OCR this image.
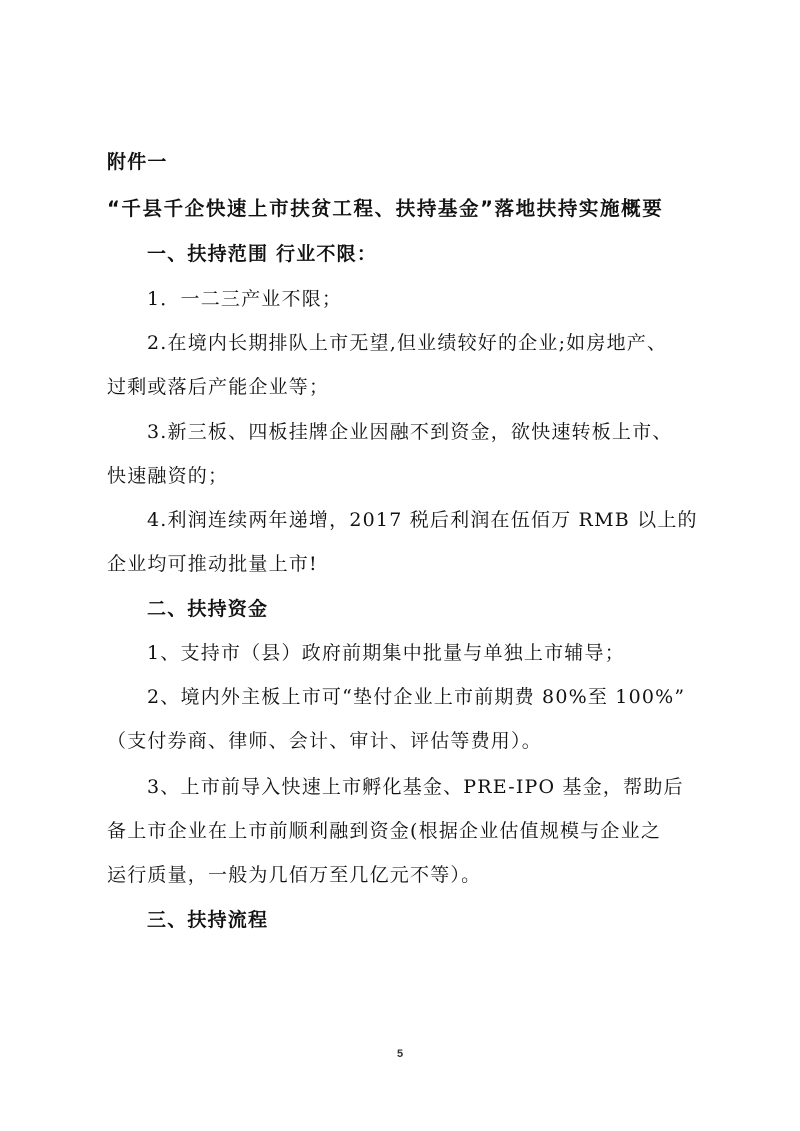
附件一
“千县千企快速上市扶贫工程、扶持基金”落地扶持实施概要
一、扶持范围 行业不限：
1．一二三产业不限；
2.在境内长期排队上市无望,但业绩较好的企业;如房地产、
过剩或落后产能企业等；
3.新三板、四板挂牌企业因融不到资金，欲快速转板上市、
快速融资的；
4.利润连续两年递增，2017 税后利润在伍佰万 RMB 以上的
企业均可推动批量上市!
二、扶持资金
1、支持市（县）政府前期集中批量与单独上市辅导；
2、境内外主板上市可“垫付企业上市前期费 80%至 100%”
（支付券商、律师、会计、审计、评估等费用）。
3、上市前导入快速上市孵化基金、PRE-IPO 基金，帮助后
备上市企业在上市前顺利融到资金(根据企业估值规模与企业之
运行质量，一般为几佰万至几亿元不等）。
三、扶持流程
5
